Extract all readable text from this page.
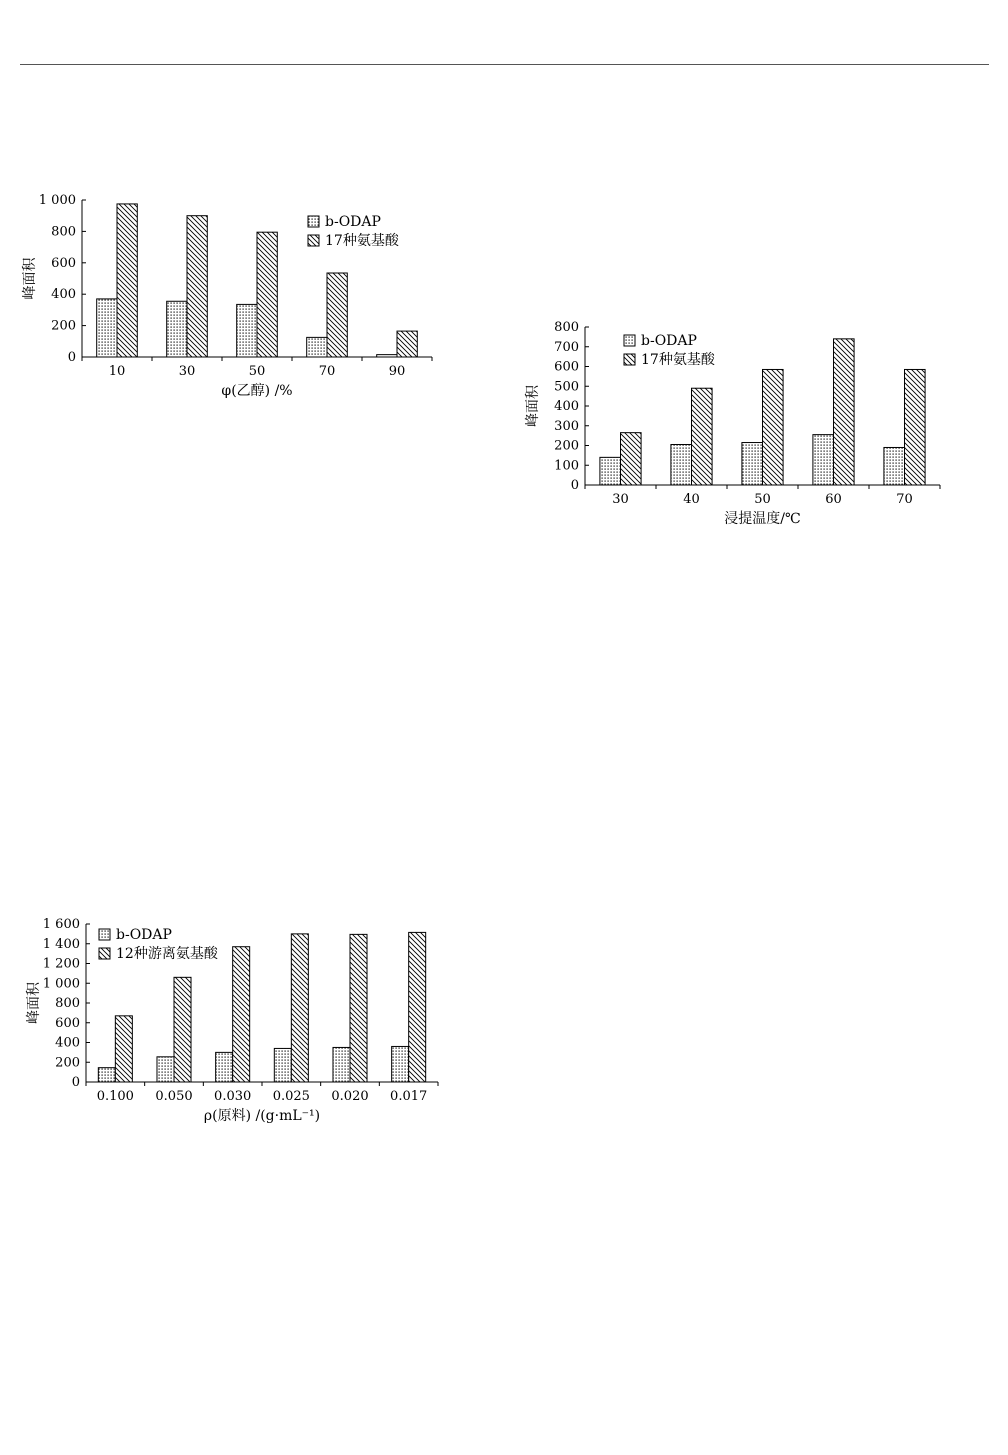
0
200
400
600
800
1 000
10	30	50	70	90
φ(乙醇) /%
峰面积
b-ODAP
17种氨基酸
0
100
200
300
400
500
600
700
800
30	40	50	60	70
浸提温度/℃
峰面积
b-ODAP
17种氨基酸
0
200
400
600
800
1 000
1 200
1 400
1 600
0.100 0.050 0.030 0.025 0.020 0.017
ρ(原料) /(g·mL⁻¹)
峰面积
b-ODAP
12种游离氨基酸
